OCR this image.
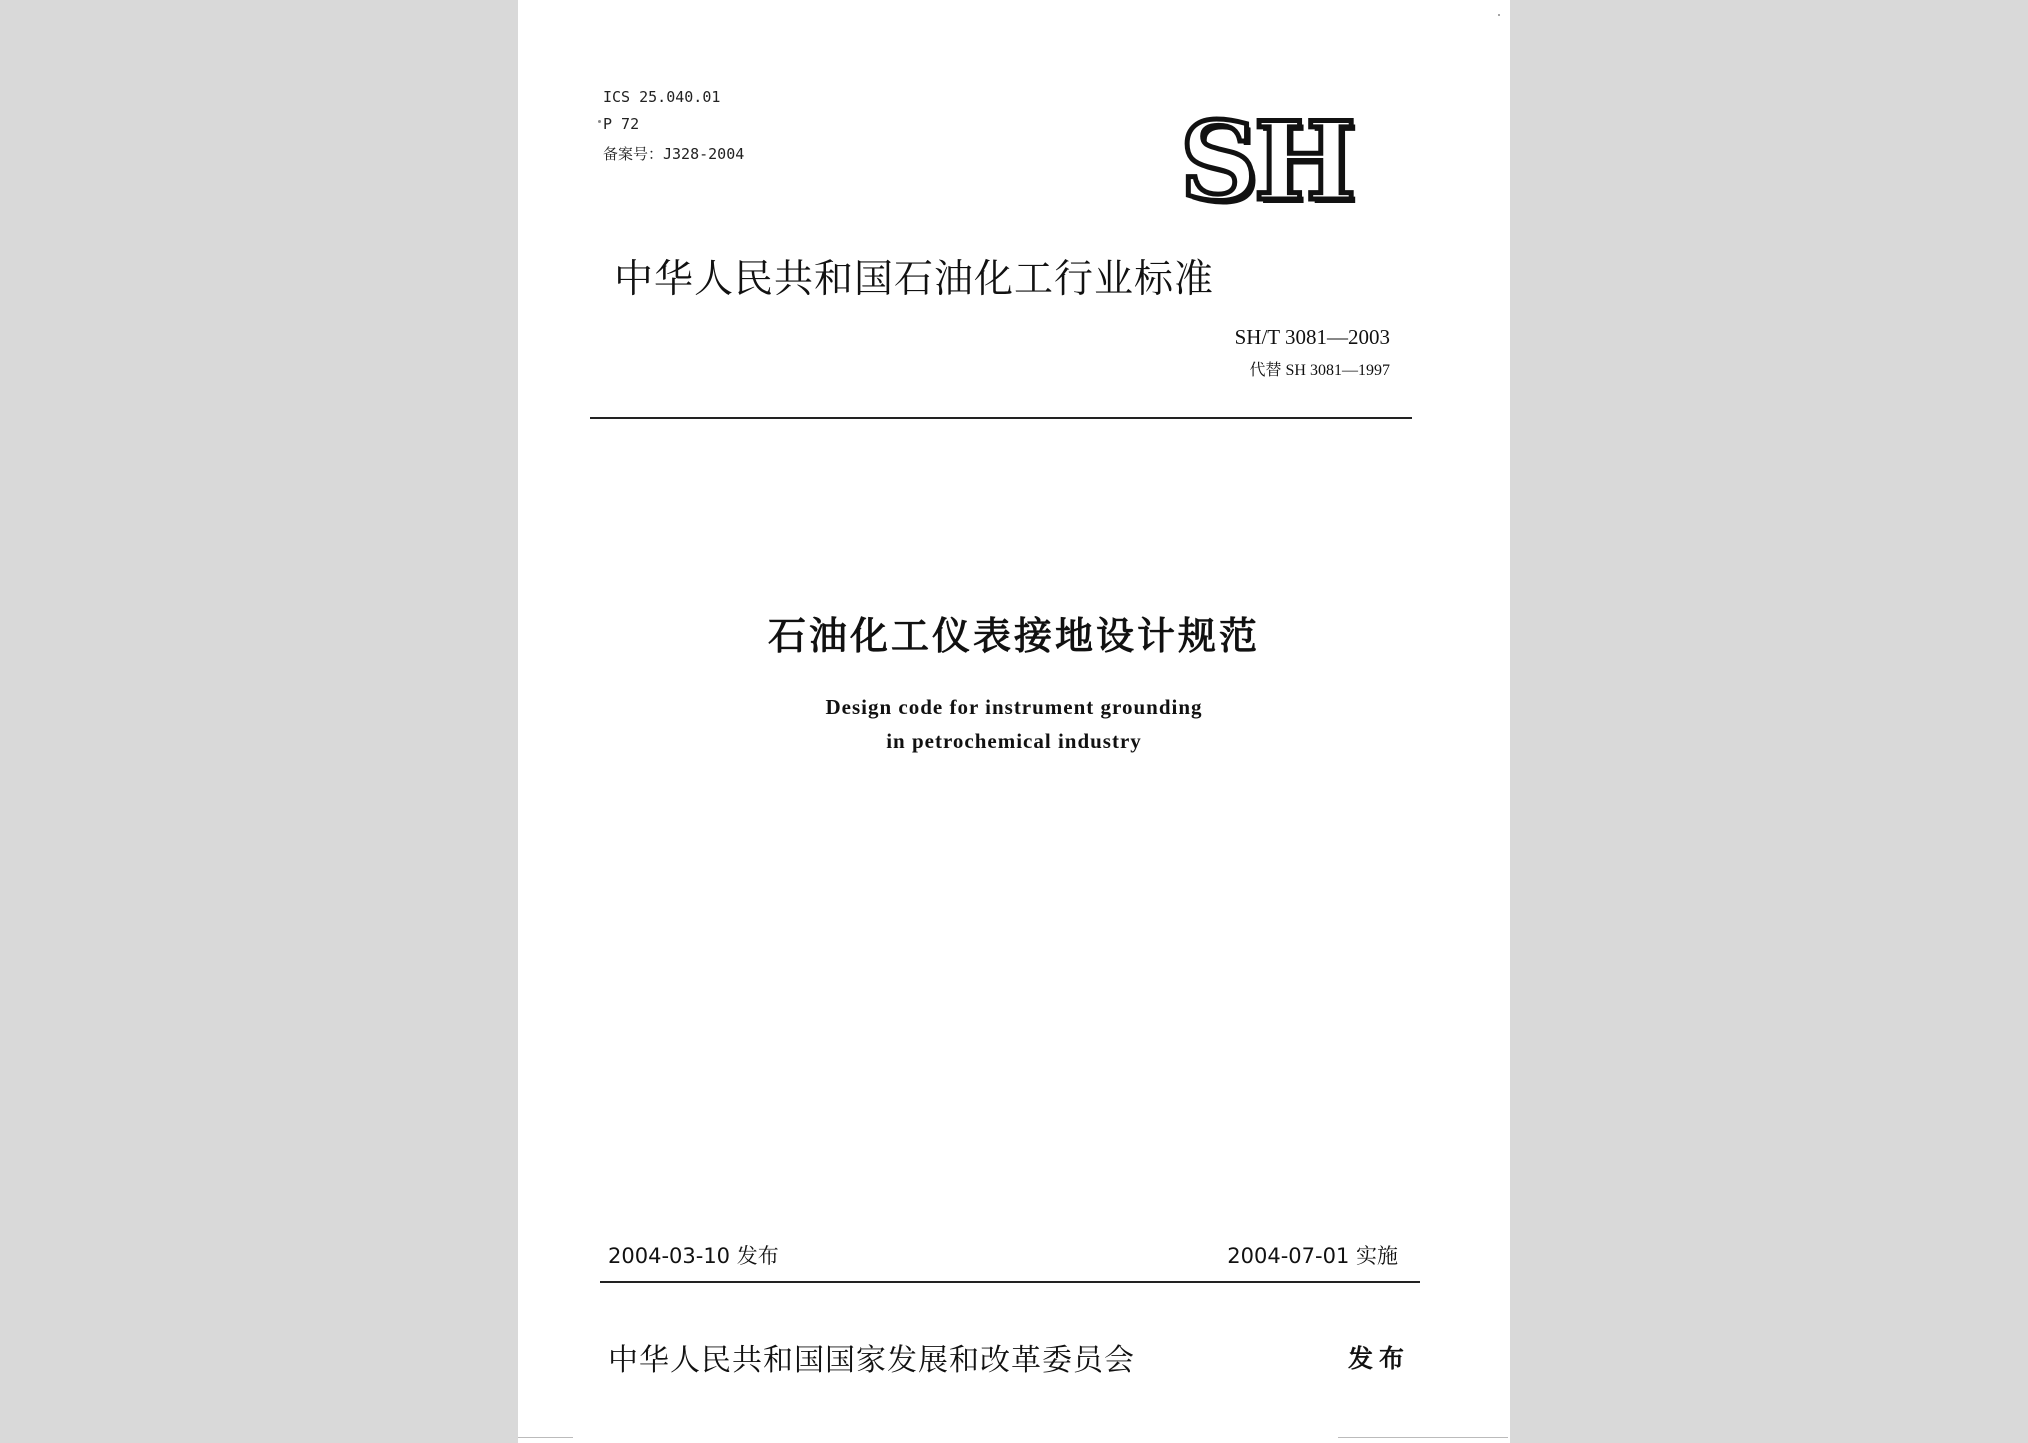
ICS 25.040.01
P 72
备案号：J328-2004	SH
中华人民共和国石油化工行业标准
SH/T 3081—2003
代替 SH 3081—1997
石油化工仪表接地设计规范
Design code for instrument grounding
in petrochemical industry
2004-03-10 发布	2004-07-01 实施
中华人民共和国国家发展和改革委员会	发布
